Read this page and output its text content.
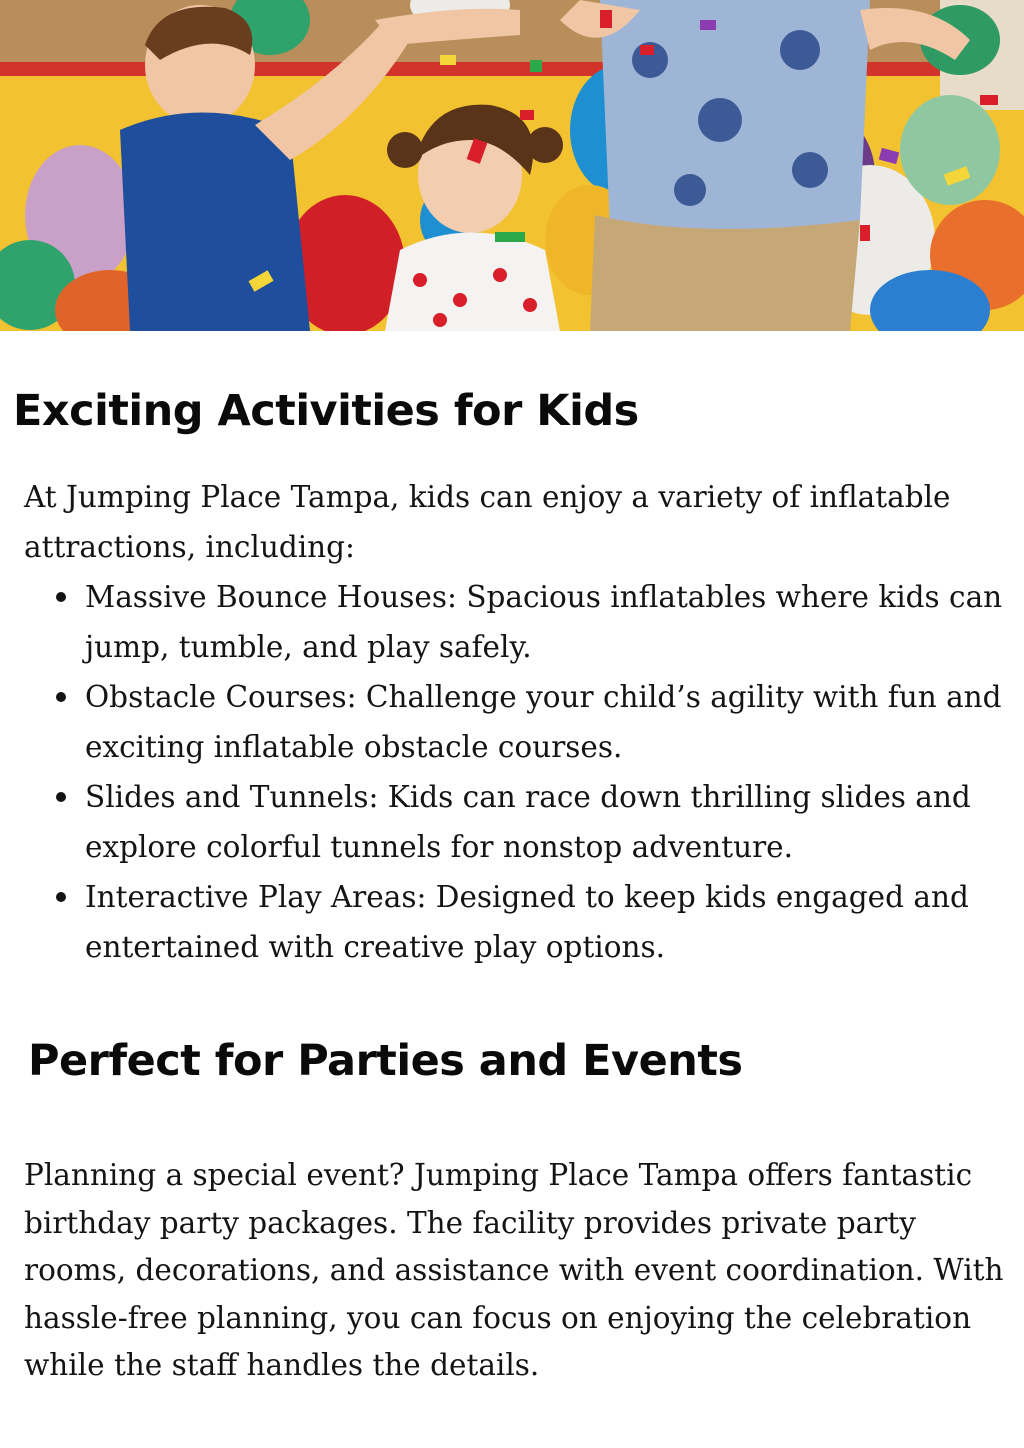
Exciting Activities for Kids

At Jumping Place Tampa, kids can enjoy a variety of inflatable attractions, including:

Massive Bounce Houses: Spacious inflatables where kids can jump, tumble, and play safely.
Obstacle Courses: Challenge your child’s agility with fun and exciting inflatable obstacle courses.
Slides and Tunnels: Kids can race down thrilling slides and explore colorful tunnels for nonstop adventure.
Interactive Play Areas: Designed to keep kids engaged and entertained with creative play options.
Perfect for Parties and Events

Planning a special event? Jumping Place Tampa offers fantastic birthday party packages. The facility provides private party rooms, decorations, and assistance with event coordination. With hassle-free planning, you can focus on enjoying the celebration while the staff handles the details.
